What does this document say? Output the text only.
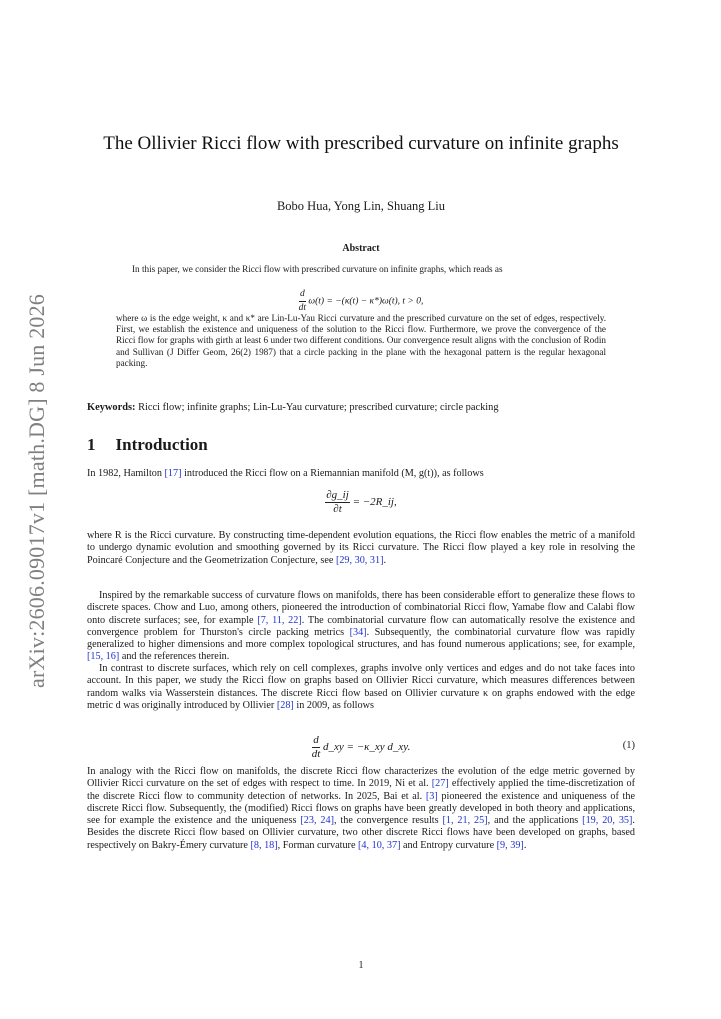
arXiv:2606.09017v1 [math.DG] 8 Jun 2026
The Ollivier Ricci flow with prescribed curvature on infinite graphs
Bobo Hua, Yong Lin, Shuang Liu
Abstract
In this paper, we consider the Ricci flow with prescribed curvature on infinite graphs, which reads as
$\frac{d}{dt} \omega(t) = -(\kappa(t) - \kappa*)\omega(t)$, t > 0,
where ω is the edge weight, κ and κ* are Lin-Lu-Yau Ricci curvature and the prescribed curvature on the set of edges, respectively. First, we establish the existence and uniqueness of the solution to the Ricci flow. Furthermore, we prove the convergence of the Ricci flow for graphs with girth at least 6 under two different conditions. Our convergence result aligns with the conclusion of Rodin and Sullivan (J Differ Geom, 26(2) 1987) that a circle packing in the plane with the hexagonal pattern is the regular hexagonal packing.
Keywords: Ricci flow; infinite graphs; Lin-Lu-Yau curvature; prescribed curvature; circle packing
1 Introduction
In 1982, Hamilton [17] introduced the Ricci flow on a Riemannian manifold (M, g(t)), as follows
$\frac{\partial g\_ij}{\partial t}$ = −2R_ij,
where R is the Ricci curvature. By constructing time-dependent evolution equations, the Ricci flow enables the metric of a manifold to undergo dynamic evolution and smoothing governed by its Ricci curvature. The Ricci flow played a key role in resolving the Poincaré Conjecture and the Geometrization Conjecture, see [29, 30, 31].
Inspired by the remarkable success of curvature flows on manifolds, there has been considerable effort to generalize these flows to discrete spaces. Chow and Luo, among others, pioneered the introduction of combinatorial Ricci flow, Yamabe flow and Calabi flow onto discrete surfaces; see, for example [7, 11, 22]. The combinatorial curvature flow can automatically resolve the existence and convergence problem for Thurston's circle packing metrics [34]. Subsequently, the combinatorial curvature flow was rapidly generalized to higher dimensions and more complex topological structures, and has found numerous applications; see, for example, [15, 16] and the references therein.
In contrast to discrete surfaces, which rely on cell complexes, graphs involve only vertices and edges and do not take faces into account. In this paper, we study the Ricci flow on graphs based on Ollivier Ricci curvature, which measures differences between random walks via Wasserstein distances. The discrete Ricci flow based on Ollivier curvature κ on graphs endowed with the edge metric d was originally introduced by Ollivier [28] in 2009, as follows
$\frac{d}{dt}$ d_xy = −κ_xy d_xy.	(1)
In analogy with the Ricci flow on manifolds, the discrete Ricci flow characterizes the evolution of the edge metric governed by Ollivier Ricci curvature on the set of edges with respect to time. In 2019, Ni et al. [27] effectively applied the time-discretization of the discrete Ricci flow to community detection of networks. In 2025, Bai et al. [3] pioneered the existence and uniqueness of the discrete Ricci flow. Subsequently, the (modified) Ricci flows on graphs have been greatly developed in both theory and applications, see for example the existence and the uniqueness [23, 24], the convergence results [1, 21, 25], and the applications [19, 20, 35]. Besides the discrete Ricci flow based on Ollivier curvature, two other discrete Ricci flows have been developed on graphs, based respectively on Bakry-Émery curvature [8, 18], Forman curvature [4, 10, 37] and Entropy curvature [9, 39].
1
